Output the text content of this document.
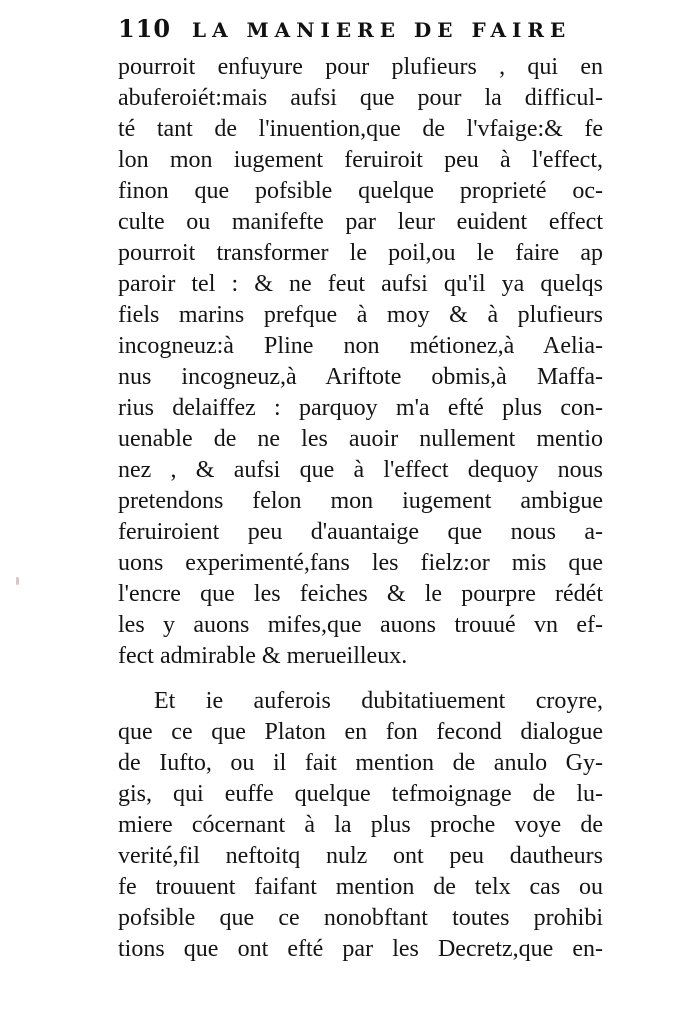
110 LA MANIERE DE FAIRE
pourroit enfuyure pour plufieurs , qui en
abuferoiét:mais aufsi que pour la difficul-
té tant de l'inuention,que de l'vfaige:& fe
lon mon iugement feruiroit peu à l'effect,
finon que pofsible quelque proprieté oc-
culte ou manifefte par leur euident effect
pourroit transformer le poil,ou le faire ap
paroir tel : & ne feut aufsi qu'il ya quelqs
fiels marins prefque à moy & à plufieurs
incogneuz:à Pline non métionez,à Aelia-
nus incogneuz,à Ariftote obmis,à Maffa-
rius delaiffez : parquoy m'a efté plus con-
uenable de ne les auoir nullement mentio
nez , & aufsi que à l'effect dequoy nous
pretendons felon mon iugement ambigue
feruiroient peu d'auantaige que nous a-
uons experimenté,fans les fielz:or mis que
l'encre que les feiches & le pourpre rédét
les y auons mifes,que auons trouué vn ef-
fect admirable & merueilleux.
Et ie auferois dubitatiuement croyre,
que ce que Platon en fon fecond dialogue
de Iufto, ou il fait mention de anulo Gy-
gis, qui euffe quelque tefmoignage de lu-
miere cócernant à la plus proche voye de
verité,fil neftoitq nulz ont peu dautheurs
fe trouuent faifant mention de telx cas ou
pofsible que ce nonobftant toutes prohibi
tions que ont efté par les Decretz,que en-
